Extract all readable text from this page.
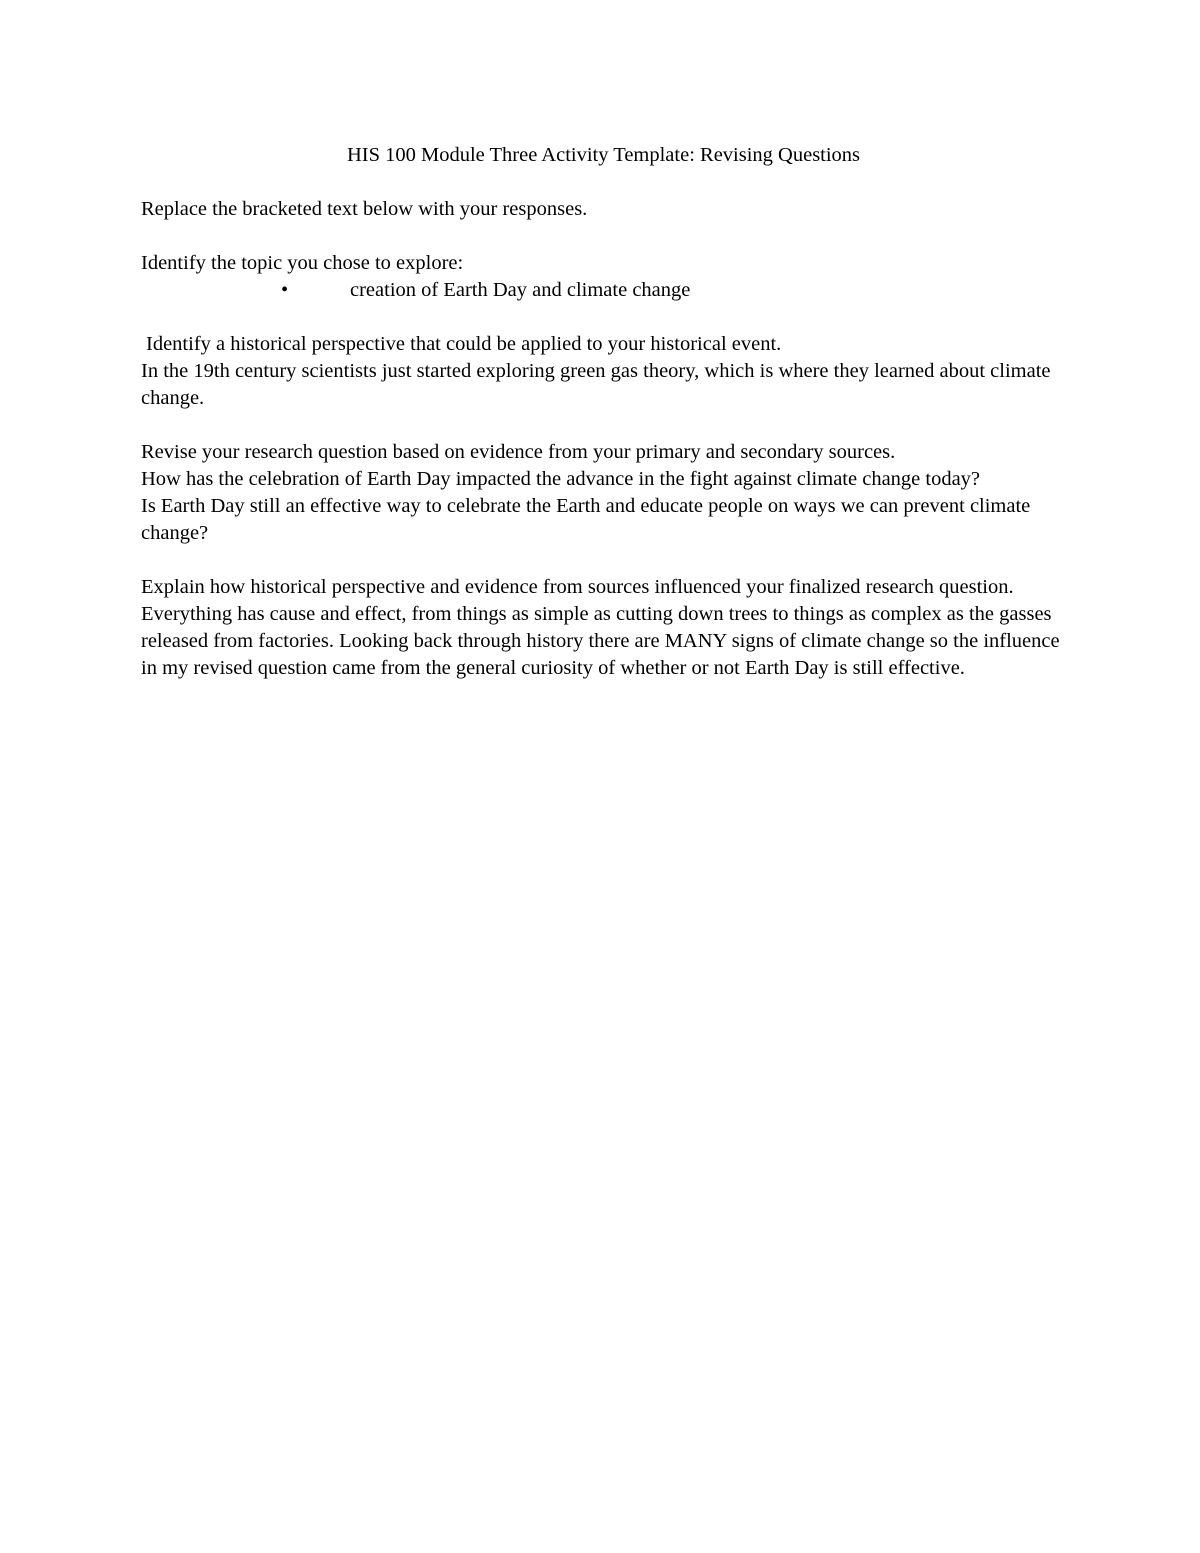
HIS 100 Module Three Activity Template: Revising Questions

Replace the bracketed text below with your responses.

Identify the topic you chose to explore:

•	creation of Earth Day and climate change

Identify a historical perspective that could be applied to your historical event.

In the 19th century scientists just started exploring green gas theory, which is where they learned about climate change.

Revise your research question based on evidence from your primary and secondary sources.

How has the celebration of Earth Day impacted the advance in the fight against climate change today?

Is Earth Day still an effective way to celebrate the Earth and educate people on ways we can prevent climate change?

Explain how historical perspective and evidence from sources influenced your finalized research question.

Everything has cause and effect, from things as simple as cutting down trees to things as complex as the gasses released from factories. Looking back through history there are MANY signs of climate change so the influence in my revised question came from the general curiosity of whether or not Earth Day is still effective.
